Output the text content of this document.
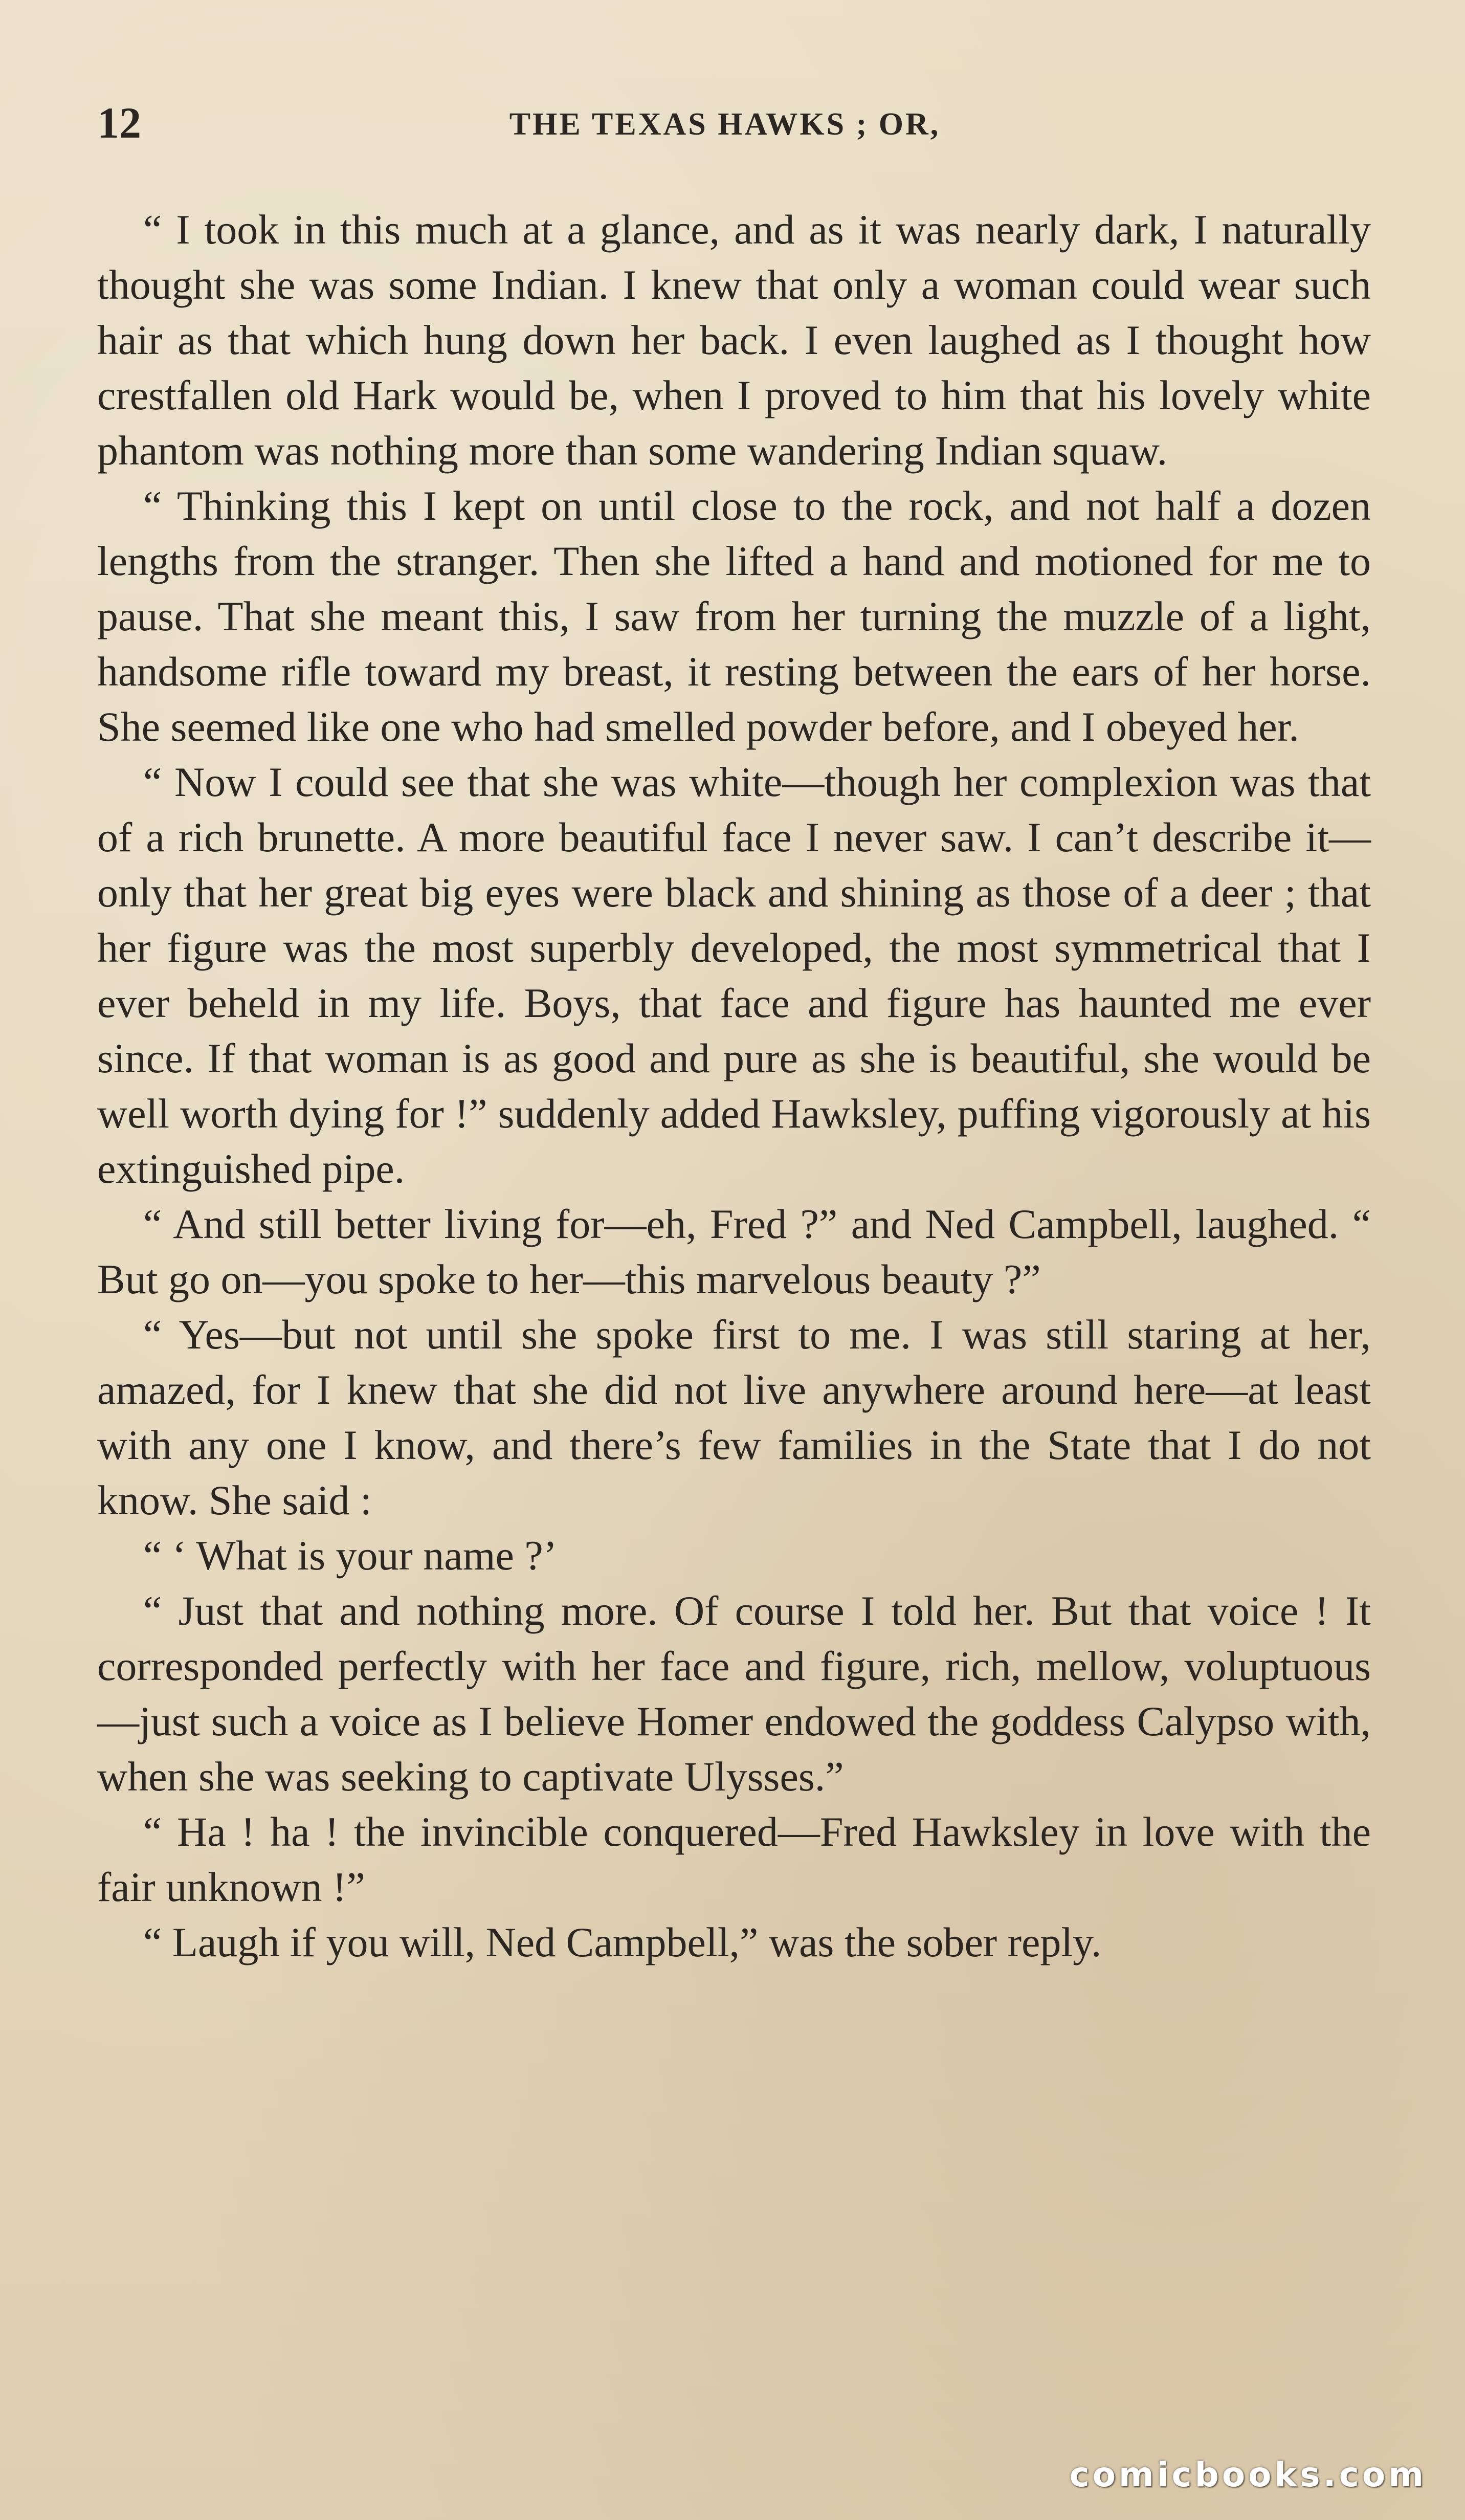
12	THE TEXAS HAWKS ; OR,

“ I took in this much at a glance, and as it was nearly dark, I naturally thought she was some Indian. I knew that only a woman could wear such hair as that which hung down her back. I even laughed as I thought how crestfallen old Hark would be, when I proved to him that his lovely white phantom was nothing more than some wandering Indian squaw.

“ Thinking this I kept on until close to the rock, and not half a dozen lengths from the stranger. Then she lifted a hand and motioned for me to pause. That she meant this, I saw from her turning the muzzle of a light, handsome rifle toward my breast, it resting between the ears of her horse. She seemed like one who had smelled powder before, and I obeyed her.

“ Now I could see that she was white—though her complexion was that of a rich brunette. A more beautiful face I never saw. I can’t describe it—only that her great big eyes were black and shining as those of a deer ; that her figure was the most superbly developed, the most symmetrical that I ever beheld in my life. Boys, that face and figure has haunted me ever since. If that woman is as good and pure as she is beautiful, she would be well worth dying for !” suddenly added Hawksley, puffing vigorously at his extinguished pipe.

“ And still better living for—eh, Fred ?” and Ned Campbell, laughed. “ But go on—you spoke to her—this marvelous beauty ?”

“ Yes—but not until she spoke first to me. I was still staring at her, amazed, for I knew that she did not live anywhere around here—at least with any one I know, and there’s few families in the State that I do not know. She said :

“ ‘ What is your name ?’

“ Just that and nothing more. Of course I told her. But that voice ! It corresponded perfectly with her face and figure, rich, mellow, voluptuous—just such a voice as I believe Homer endowed the goddess Calypso with, when she was seeking to captivate Ulysses.”

“ Ha ! ha ! the invincible conquered—Fred Hawksley in love with the fair unknown !”

“ Laugh if you will, Ned Campbell,” was the sober reply.

comicbooks.com
